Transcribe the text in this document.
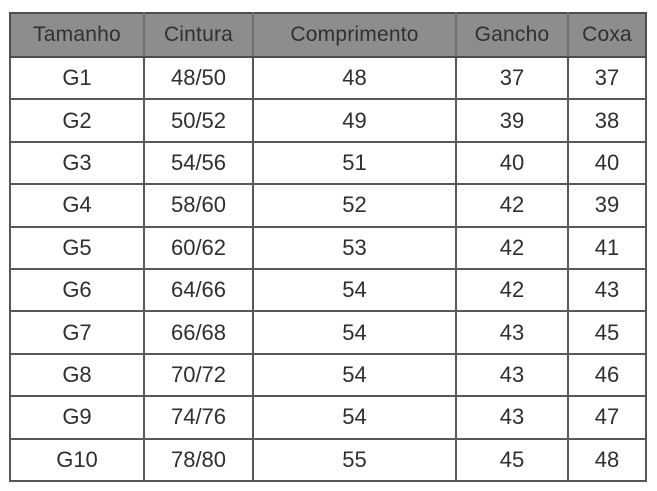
Tamanho	Cintura	Comprimento	Gancho	Coxa
G1	48/50	48	37	37
G2	50/52	49	39	38
G3	54/56	51	40	40
G4	58/60	52	42	39
G5	60/62	53	42	41
G6	64/66	54	42	43
G7	66/68	54	43	45
G8	70/72	54	43	46
G9	74/76	54	43	47
G10	78/80	55	45	48
